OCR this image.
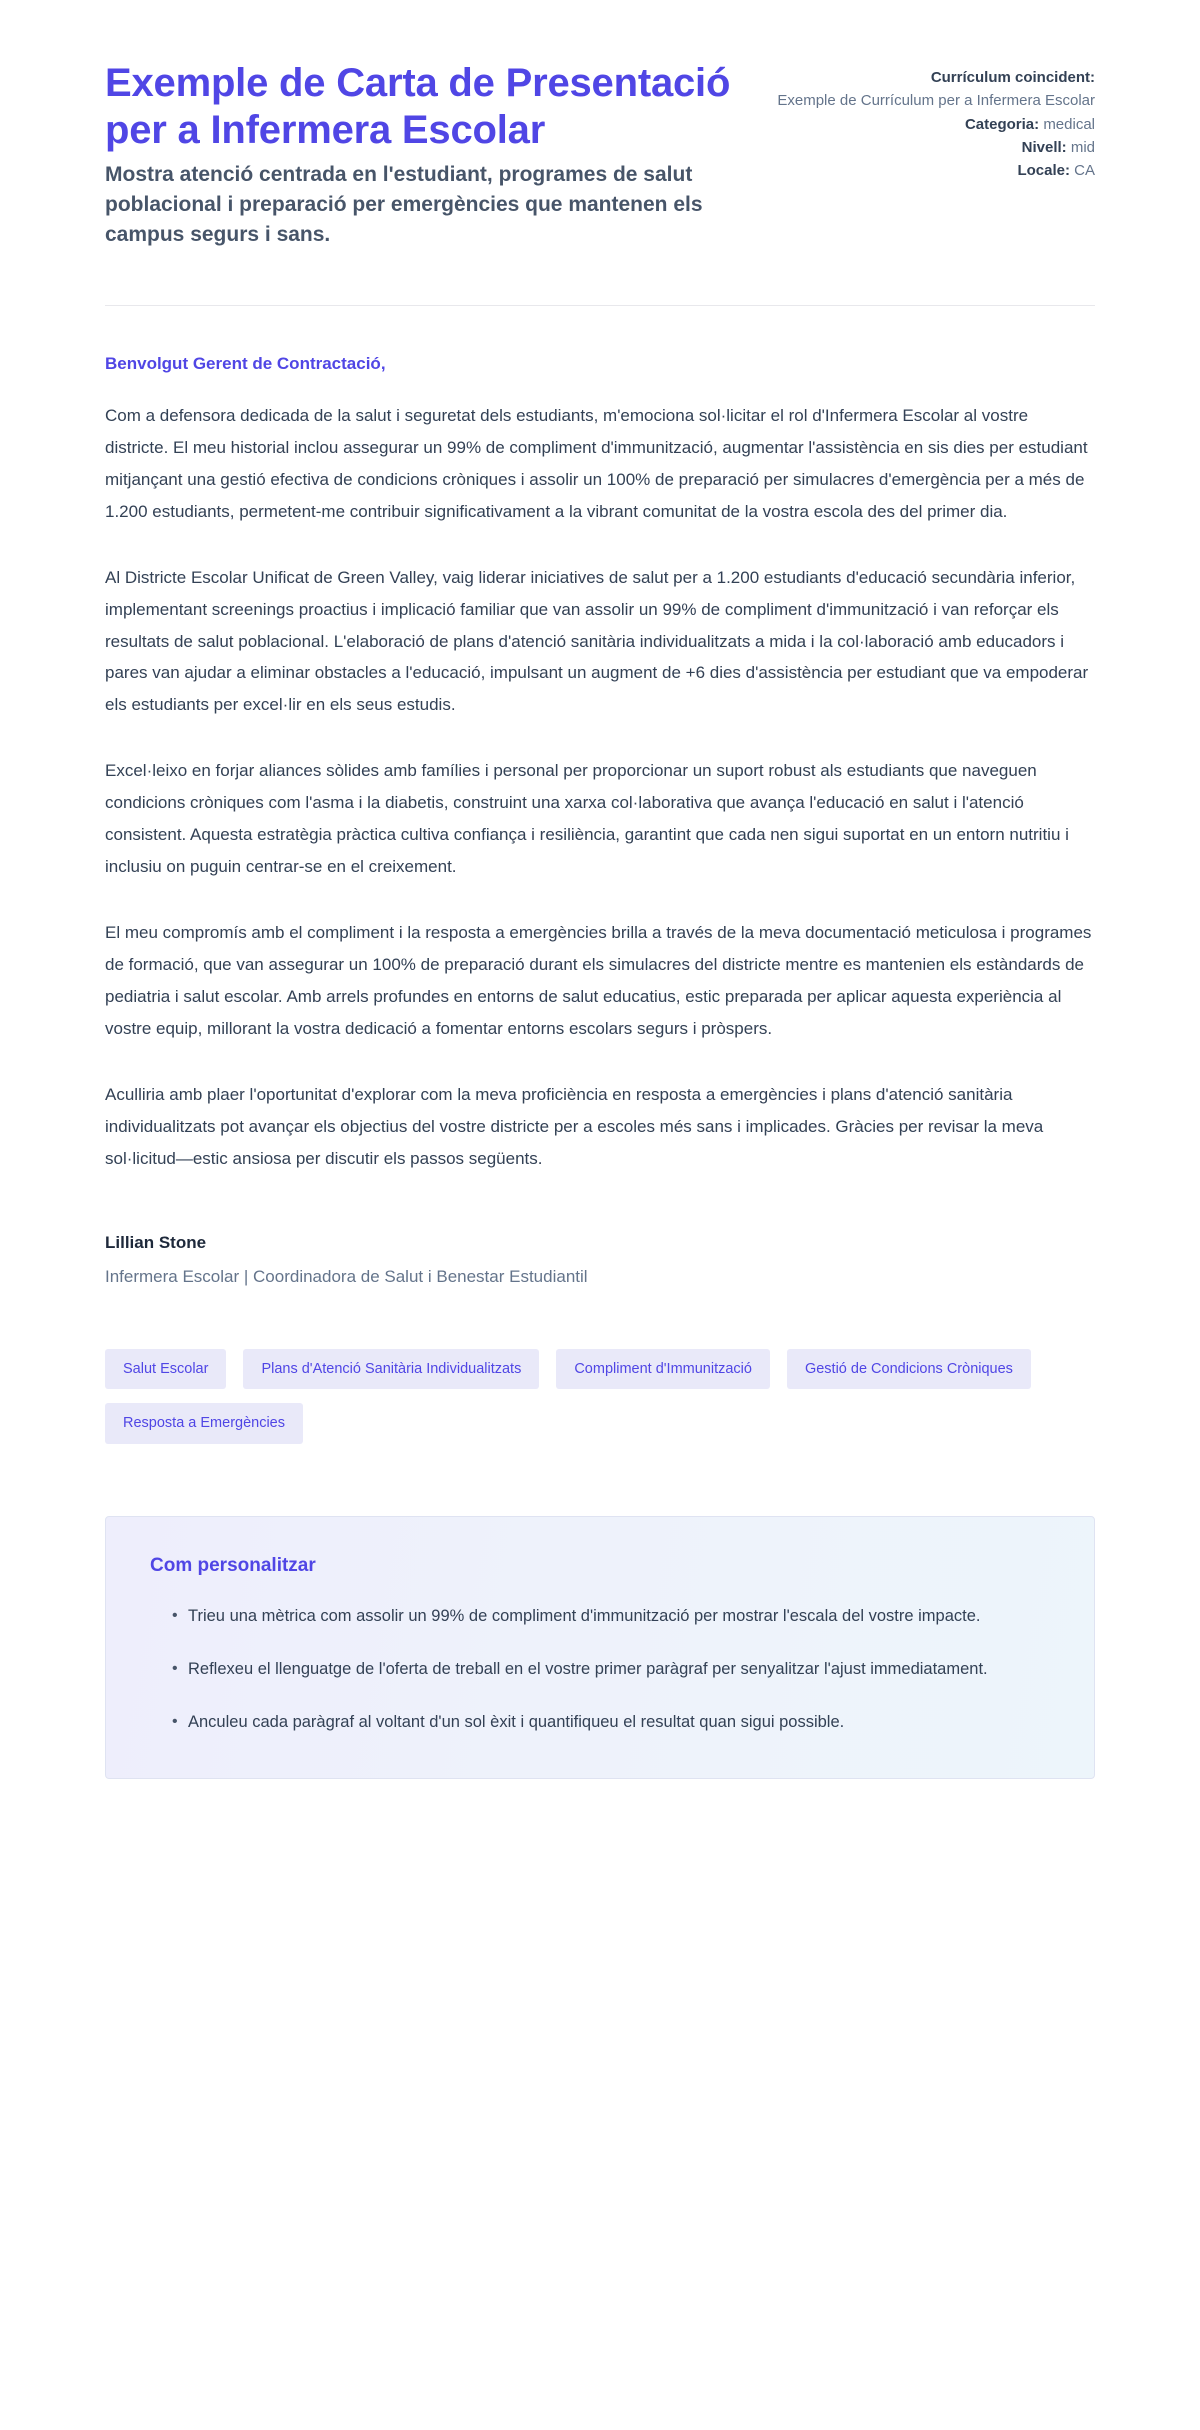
Exemple de Carta de Presentació per a Infermera Escolar

Mostra atenció centrada en l'estudiant, programes de salut poblacional i preparació per emergències que mantenen els campus segurs i sans.

Currículum coincident:
Exemple de Currículum per a Infermera Escolar
Categoria: medical
Nivell: mid
Locale: CA

Benvolgut Gerent de Contractació,

Com a defensora dedicada de la salut i seguretat dels estudiants, m'emociona sol·licitar el rol d'Infermera Escolar al vostre districte. El meu historial inclou assegurar un 99% de compliment d'immunització, augmentar l'assistència en sis dies per estudiant mitjançant una gestió efectiva de condicions cròniques i assolir un 100% de preparació per simulacres d'emergència per a més de 1.200 estudiants, permetent-me contribuir significativament a la vibrant comunitat de la vostra escola des del primer dia.

Al Districte Escolar Unificat de Green Valley, vaig liderar iniciatives de salut per a 1.200 estudiants d'educació secundària inferior, implementant screenings proactius i implicació familiar que van assolir un 99% de compliment d'immunització i van reforçar els resultats de salut poblacional. L'elaboració de plans d'atenció sanitària individualitzats a mida i la col·laboració amb educadors i pares van ajudar a eliminar obstacles a l'educació, impulsant un augment de +6 dies d'assistència per estudiant que va empoderar els estudiants per excel·lir en els seus estudis.

Excel·leixo en forjar aliances sòlides amb famílies i personal per proporcionar un suport robust als estudiants que naveguen condicions cròniques com l'asma i la diabetis, construint una xarxa col·laborativa que avança l'educació en salut i l'atenció consistent. Aquesta estratègia pràctica cultiva confiança i resiliència, garantint que cada nen sigui suportat en un entorn nutritiu i inclusiu on puguin centrar-se en el creixement.

El meu compromís amb el compliment i la resposta a emergències brilla a través de la meva documentació meticulosa i programes de formació, que van assegurar un 100% de preparació durant els simulacres del districte mentre es mantenien els estàndards de pediatria i salut escolar. Amb arrels profundes en entorns de salut educatius, estic preparada per aplicar aquesta experiència al vostre equip, millorant la vostra dedicació a fomentar entorns escolars segurs i pròspers.

Aculliria amb plaer l'oportunitat d'explorar com la meva proficiència en resposta a emergències i plans d'atenció sanitària individualitzats pot avançar els objectius del vostre districte per a escoles més sans i implicades. Gràcies per revisar la meva sol·licitud—estic ansiosa per discutir els passos següents.

Lillian Stone

Infermera Escolar | Coordinadora de Salut i Benestar Estudiantil

Salut Escolar	Plans d'Atenció Sanitària Individualitzats	Compliment d'Immunització	Gestió de Condicions Cròniques
Resposta a Emergències
Com personalitzar
• Trieu una mètrica com assolir un 99% de compliment d'immunització per mostrar l'escala del vostre impacte.
• Reflexeu el llenguatge de l'oferta de treball en el vostre primer paràgraf per senyalitzar l'ajust immediatament.
• Anculeu cada paràgraf al voltant d'un sol èxit i quantifiqueu el resultat quan sigui possible.
